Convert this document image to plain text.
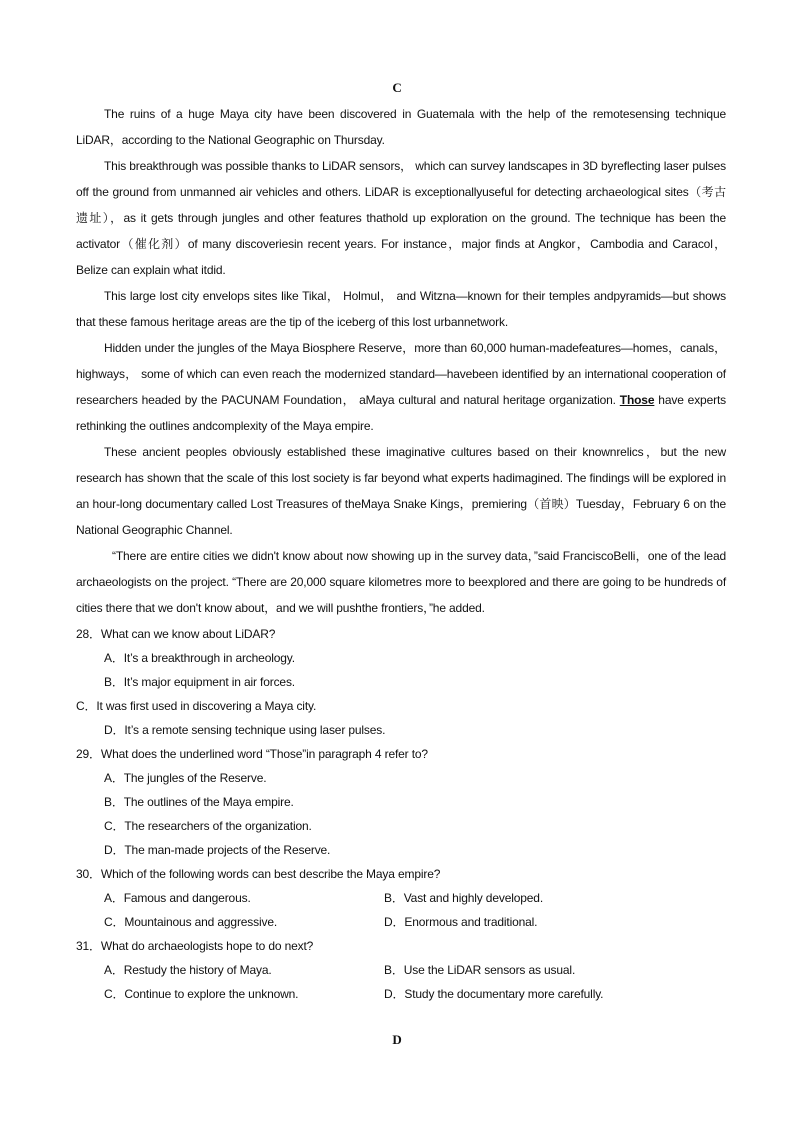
C

The ruins of a huge Maya city have been discovered in Guatemala with the help of the remotesensing technique LiDAR，according to the National Geographic on Thursday.

This breakthrough was possible thanks to LiDAR sensors， which can survey landscapes in 3D byreflecting laser pulses off the ground from unmanned air vehicles and others. LiDAR is exceptionallyuseful for detecting archaeological sites（考古遗址），as it gets through jungles and other features thathold up exploration on the ground. The technique has been the activator（催化剂）of many discoveriesin recent years. For instance，major finds at Angkor，Cambodia and Caracol，Belize can explain what itdid.

This large lost city envelops sites like Tikal， Holmul， and Witzna—known for their temples andpyramids—but shows that these famous heritage areas are the tip of the iceberg of this lost urbannetwork.

Hidden under the jungles of the Maya Biosphere Reserve，more than 60,000 human-madefeatures—homes，canals， highways， some of which can even reach the modernized standard—havebeen identified by an international cooperation of researchers headed by the PACUNAM Foundation， aMaya cultural and natural heritage organization. Those have experts rethinking the outlines andcomplexity of the Maya empire.

These ancient peoples obviously established these imaginative cultures based on their knownrelics，but the new research has shown that the scale of this lost society is far beyond what experts hadimagined. The findings will be explored in an hour-long documentary called Lost Treasures of theMaya Snake Kings，premiering（首映）Tuesday，February 6 on the National Geographic Channel.

“There are entire cities we didn't know about now showing up in the survey data，”said FranciscoBelli，one of the lead archaeologists on the project. “There are 20,000 square kilometres more to beexplored and there are going to be hundreds of cities there that we don't know about，and we will pushthe frontiers，”he added.

28．What can we know about LiDAR?

A．It’s a breakthrough in archeology.
B．It’s major equipment in air forces.
C．It was first used in discovering a Maya city.
D．It’s a remote sensing technique using laser pulses.

29．What does the underlined word “Those”in paragraph 4 refer to?

A．The jungles of the Reserve.
B．The outlines of the Maya empire.
C．The researchers of the organization.
D．The man-made projects of the Reserve.

30．Which of the following words can best describe the Maya empire?

A．Famous and dangerous.	B．Vast and highly developed.
C．Mountainous and aggressive.	D．Enormous and traditional.

31．What do archaeologists hope to do next?

A．Restudy the history of Maya.	B．Use the LiDAR sensors as usual.
C．Continue to explore the unknown.	D．Study the documentary more carefully.
D
